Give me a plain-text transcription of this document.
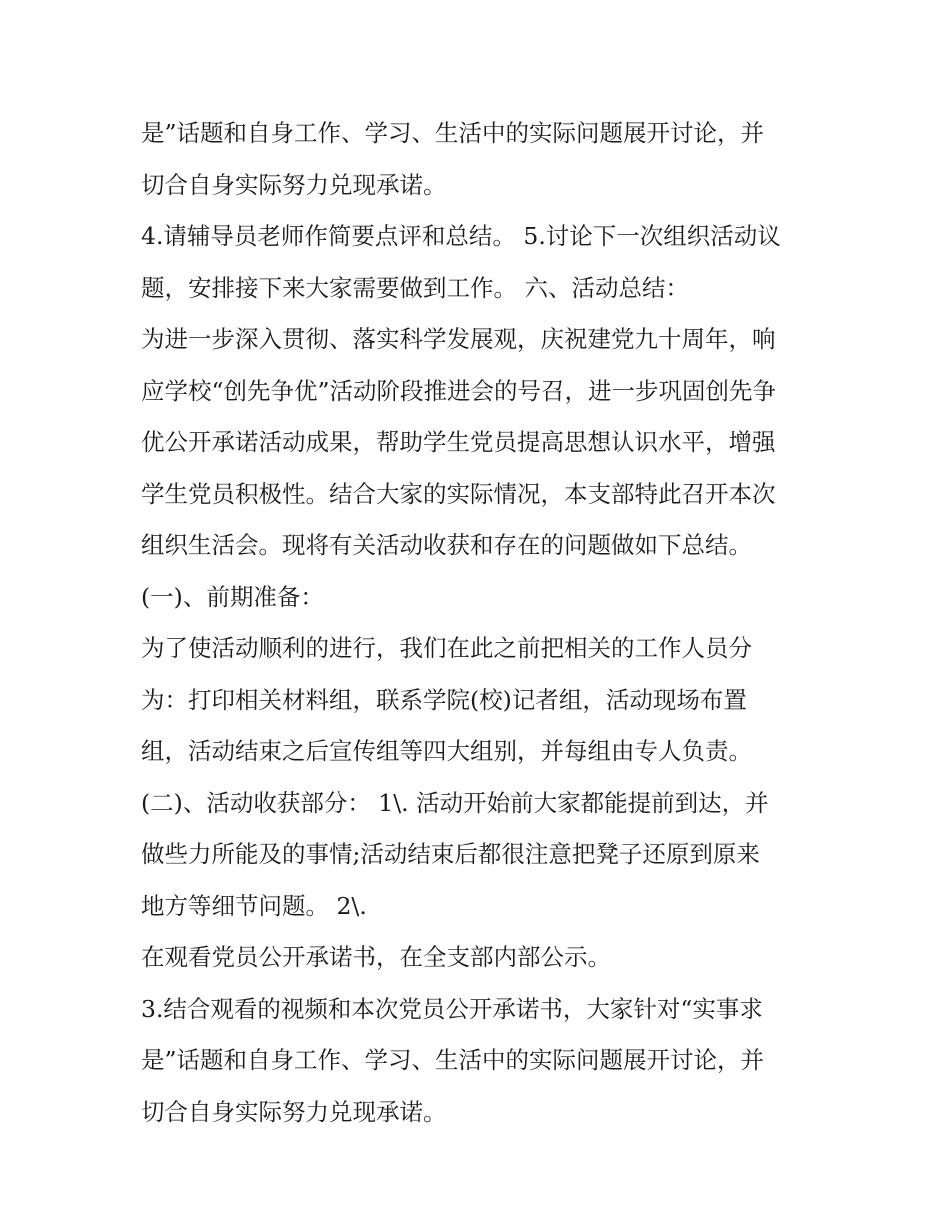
是”话题和自身工作、学习、生活中的实际问题展开讨论，并
切合自身实际努力兑现承诺。
4.请辅导员老师作简要点评和总结。 5.讨论下一次组织活动议
题，安排接下来大家需要做到工作。 六、活动总结：
为进一步深入贯彻、落实科学发展观，庆祝建党九十周年，响
应学校“创先争优”活动阶段推进会的号召，进一步巩固创先争
优公开承诺活动成果，帮助学生党员提高思想认识水平，增强
学生党员积极性。结合大家的实际情况，本支部特此召开本次
组织生活会。现将有关活动收获和存在的问题做如下总结。
(一)、前期准备：
为了使活动顺利的进行，我们在此之前把相关的工作人员分
为：打印相关材料组，联系学院(校)记者组，活动现场布置
组，活动结束之后宣传组等四大组别，并每组由专人负责。
(二)、活动收获部分： 1\. 活动开始前大家都能提前到达，并
做些力所能及的事情;活动结束后都很注意把凳子还原到原来
地方等细节问题。 2\.
在观看党员公开承诺书，在全支部内部公示。
3.结合观看的视频和本次党员公开承诺书，大家针对“实事求
是”话题和自身工作、学习、生活中的实际问题展开讨论，并
切合自身实际努力兑现承诺。
